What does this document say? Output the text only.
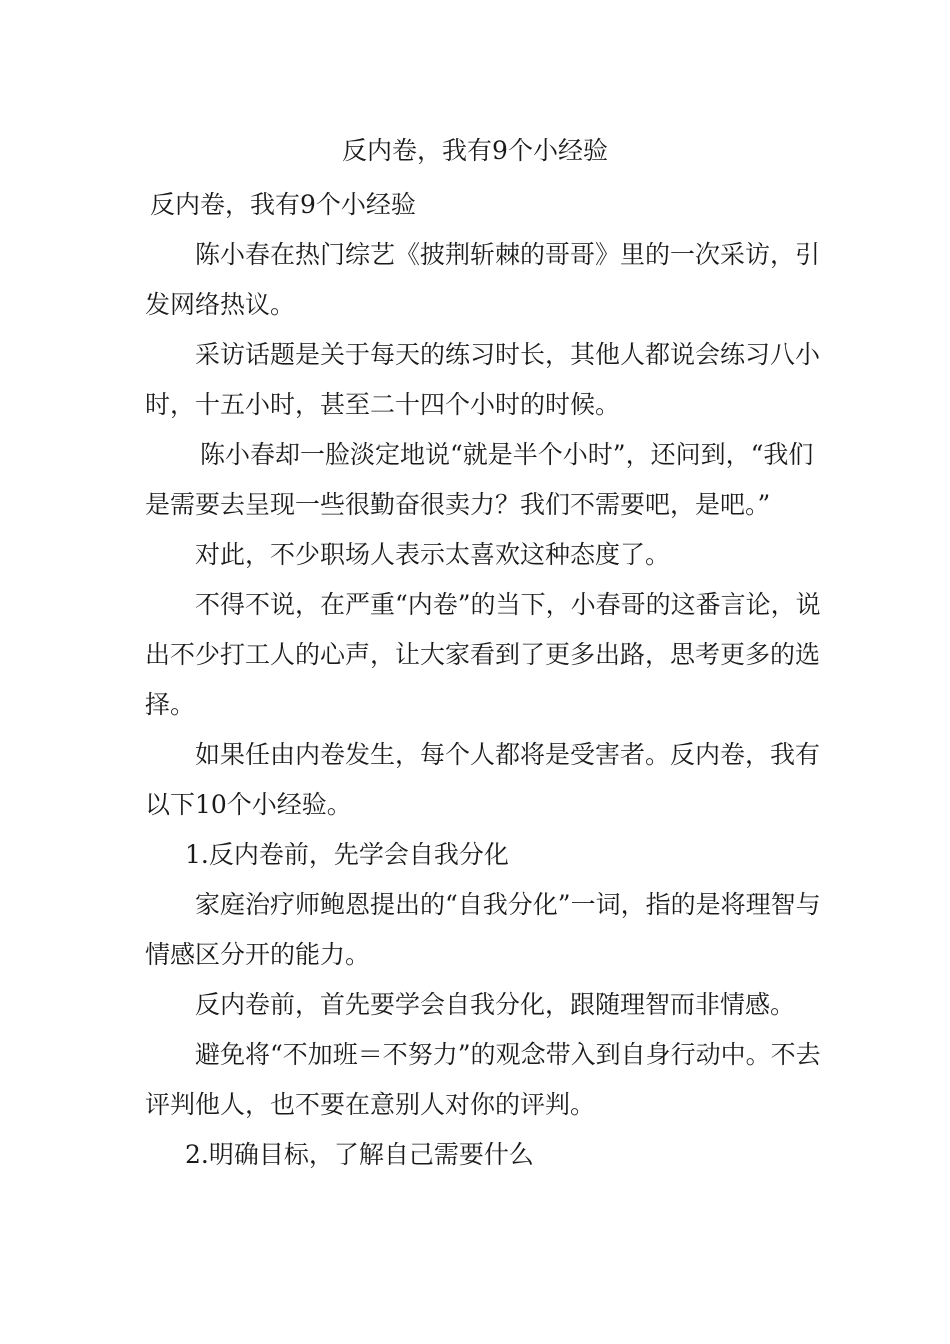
反内卷，我有9个小经验

反内卷，我有9个小经验

陈小春在热门综艺《披荆斩棘的哥哥》里的一次采访，引发网络热议。

采访话题是关于每天的练习时长，其他人都说会练习八小时，十五小时，甚至二十四个小时的时候。

陈小春却一脸淡定地说“就是半个小时”，还问到，“我们是需要去呈现一些很勤奋很卖力？我们不需要吧，是吧。”

对此，不少职场人表示太喜欢这种态度了。

不得不说，在严重“内卷”的当下，小春哥的这番言论，说出不少打工人的心声，让大家看到了更多出路，思考更多的选择。

如果任由内卷发生，每个人都将是受害者。反内卷，我有以下10个小经验。

1.反内卷前，先学会自我分化

家庭治疗师鲍恩提出的“自我分化”一词，指的是将理智与情感区分开的能力。

反内卷前，首先要学会自我分化，跟随理智而非情感。

避免将“不加班＝不努力”的观念带入到自身行动中。不去评判他人，也不要在意别人对你的评判。

2.明确目标，了解自己需要什么
